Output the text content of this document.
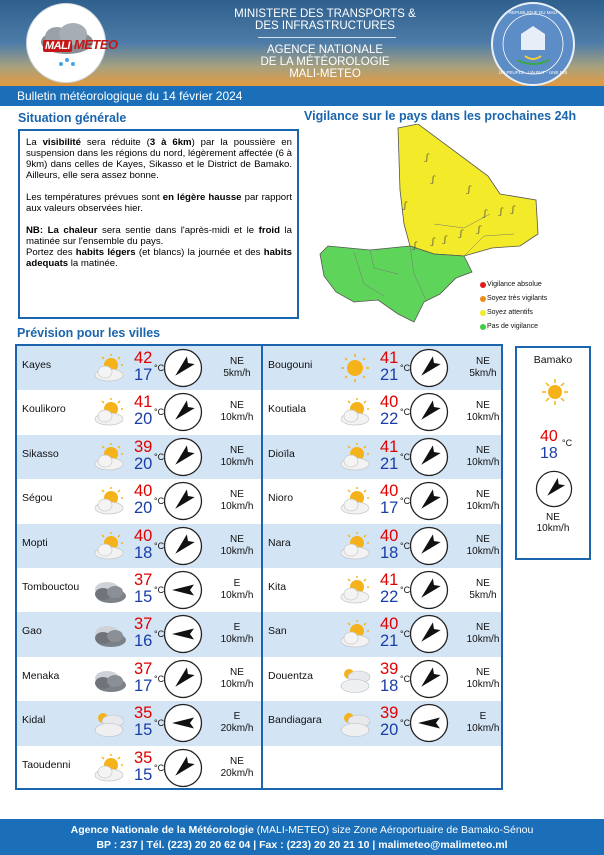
MALI METEO
MINISTERE DES TRANSPORTS &
DES INFRASTRUCTURES
AGENCE NATIONALE
DE LA MÉTÉOROLOGIE
MALI-METEO
REPUBLIQUE DU MALI
UN PEUPLE - UN BUT - UNE FOI
Bulletin météorologique du 14 février 2024
Situation générale

La visibilité sera réduite (3 à 6km) par la poussière en suspension dans les régions du nord, légèrement affectée (6 à 9km) dans celles de Kayes, Sikasso et le District de Bamako. Ailleurs, elle sera assez bonne.

Les températures prévues sont en légère hausse par rapport aux valeurs observées hier.

NB: La chaleur sera sentie dans l'après-midi et le froid la matinée sur l'ensemble du pays.
Portez des habits légers (et blancs) la journée et des habits adequats la matinée.

Vigilance sur le pays dans les prochaines 24h
ʃ
ʃ
ʃ
ʃ
ʃ ʃ ʃ
ʃ
ʃ
ʃ
ʃ
ʃ
Vigilance absolue
Soyez très vigilants
Soyez attentifs
Pas de vigilance
Prévision pour les villes
Kayes	42
°C
17
NE
5km/h
Koulikoro	41
°C
20
NE
10km/h
Sikasso	39
°C
20
NE
10km/h
Ségou	40
°C
20
NE
10km/h
Mopti	40
°C
18
NE
10km/h
Tombouctou	37
°C
15
E
10km/h
Gao	37
°C
16
E
10km/h
Menaka	37
°C
17
NE
10km/h
Kidal	35
°C
15
E
20km/h
Taoudenni	35
°C
15
NE
20km/h
Bougouni	41
°C
21
NE
5km/h
Koutiala	40
°C
22
NE
10km/h
Dioïla	41
°C
21
NE
10km/h
Nioro	40
°C
17
NE
10km/h
Nara	40
°C
18
NE
10km/h
Kita	41
°C
22
NE
5km/h
San	40
°C
21
NE
10km/h
Douentza	39
°C
18
NE
10km/h
Bandiagara	39
°C
20
E
10km/h
Bamako
40 °C
18
NE
10km/h
Agence Nationale de la Météorologie (MALI-METEO) size Zone Aéroportuaire de Bamako-Sénou
BP : 237 | Tél. (223) 20 20 62 04 | Fax : (223) 20 20 21 10 | malimeteo@malimeteo.ml
